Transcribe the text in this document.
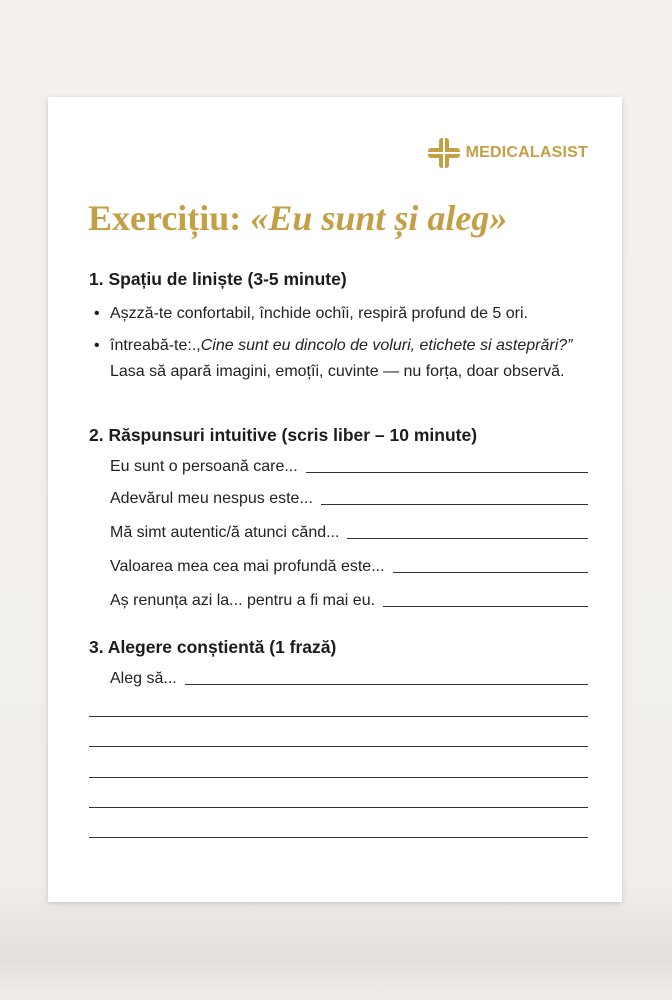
MEDICALASIST
Exercițiu: «Eu sunt și aleg»
1. Spațiu de liniște (3-5 minute)
• Așzză-te confortabil, închide ochîi, respiră profund de 5 ori.
• întreabă-te:.,Cine sunt eu dincolo de voluri, etichete si asteprări?” Lasa să apară imagini, emoțîi, cuvinte — nu forța, doar observă.
2. Răspunsuri intuitive (scris liber – 10 minute)
Eu sunt o persoană care...
Adevărul meu nespus este...
Mă simt autentic/ă atunci cănd...
Valoarea mea cea mai profundă este...
Aș renunța azi la... pentru a fi mai eu.
3. Alegere conștientă (1 frază)
Aleg să...
